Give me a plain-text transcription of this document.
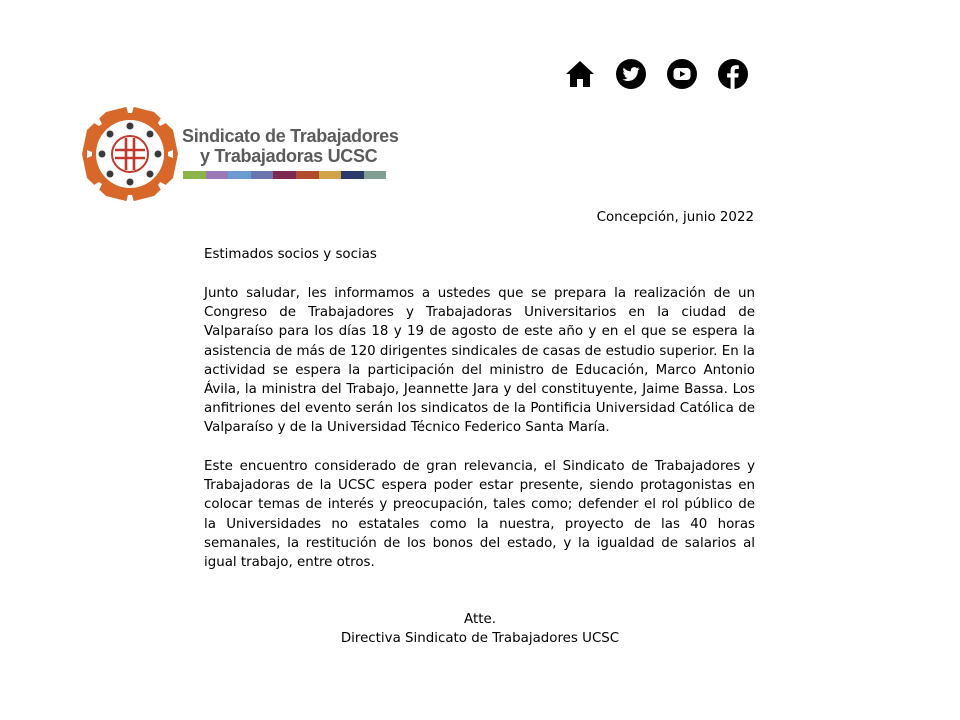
Sindicato de Trabajadores
y Trabajadoras UCSC
Concepción, junio 2022
Estimados socios y socias

Junto saludar, les informamos a ustedes que se prepara la realización de un Congreso de Trabajadores y Trabajadoras Universitarios en la ciudad de Valparaíso para los días 18 y 19 de agosto de este año y en el que se espera la asistencia de más de 120 dirigentes sindicales de casas de estudio superior. En la actividad se espera la participación del ministro de Educación, Marco Antonio Ávila, la ministra del Trabajo, Jeannette Jara y del constituyente, Jaime Bassa. Los anfitriones del evento serán los sindicatos de la Pontificia Universidad Católica de Valparaíso y de la Universidad Técnico Federico Santa María.

Este encuentro considerado de gran relevancia, el Sindicato de Trabajadores y Trabajadoras de la UCSC espera poder estar presente, siendo protagonistas en colocar temas de interés y preocupación, tales como; defender el rol público de la Universidades no estatales como la nuestra, proyecto de las 40 horas semanales, la restitución de los bonos del estado, y la igualdad de salarios al igual trabajo, entre otros.

Atte.
Directiva Sindicato de Trabajadores UCSC
